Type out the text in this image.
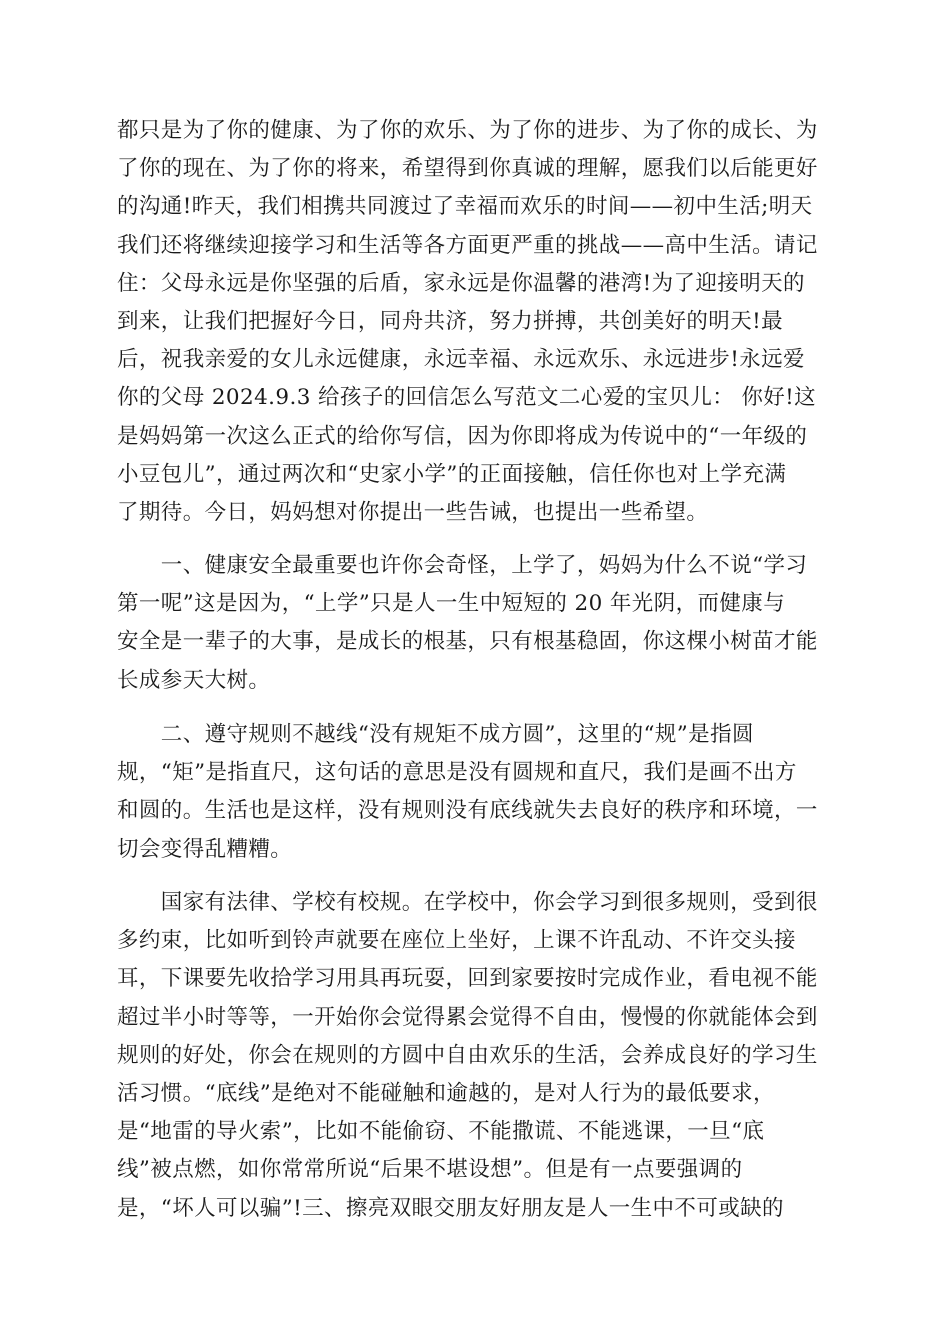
都只是为了你的健康、为了你的欢乐、为了你的进步、为了你的成长、为
了你的现在、为了你的将来，希望得到你真诚的理解，愿我们以后能更好
的沟通!昨天，我们相携共同渡过了幸福而欢乐的时间——初中生活;明天
我们还将继续迎接学习和生活等各方面更严重的挑战——高中生活。请记
住：父母永远是你坚强的后盾，家永远是你温馨的港湾!为了迎接明天的
到来，让我们把握好今日，同舟共济，努力拼搏，共创美好的明天!最
后，祝我亲爱的女儿永远健康，永远幸福、永远欢乐、永远进步!永远爱
你的父母 2024.9.3 给孩子的回信怎么写范文二心爱的宝贝儿： 你好!这
是妈妈第一次这么正式的给你写信，因为你即将成为传说中的“一年级的
小豆包儿”，通过两次和“史家小学”的正面接触，信任你也对上学充满
了期待。今日，妈妈想对你提出一些告诫，也提出一些希望。
　　一、健康安全最重要也许你会奇怪，上学了，妈妈为什么不说“学习
第一呢”这是因为，“上学”只是人一生中短短的 20 年光阴，而健康与
安全是一辈子的大事，是成长的根基，只有根基稳固，你这棵小树苗才能
长成参天大树。
　　二、遵守规则不越线“没有规矩不成方圆”，这里的“规”是指圆
规，“矩”是指直尺，这句话的意思是没有圆规和直尺，我们是画不出方
和圆的。生活也是这样，没有规则没有底线就失去良好的秩序和环境，一
切会变得乱糟糟。
　　国家有法律、学校有校规。在学校中，你会学习到很多规则，受到很
多约束，比如听到铃声就要在座位上坐好，上课不许乱动、不许交头接
耳，下课要先收拾学习用具再玩耍，回到家要按时完成作业，看电视不能
超过半小时等等，一开始你会觉得累会觉得不自由，慢慢的你就能体会到
规则的好处，你会在规则的方圆中自由欢乐的生活，会养成良好的学习生
活习惯。“底线”是绝对不能碰触和逾越的，是对人行为的最低要求，
是“地雷的导火索”，比如不能偷窃、不能撒谎、不能逃课，一旦“底
线”被点燃，如你常常所说“后果不堪设想”。但是有一点要强调的
是，“坏人可以骗”!三、擦亮双眼交朋友好朋友是人一生中不可或缺的
